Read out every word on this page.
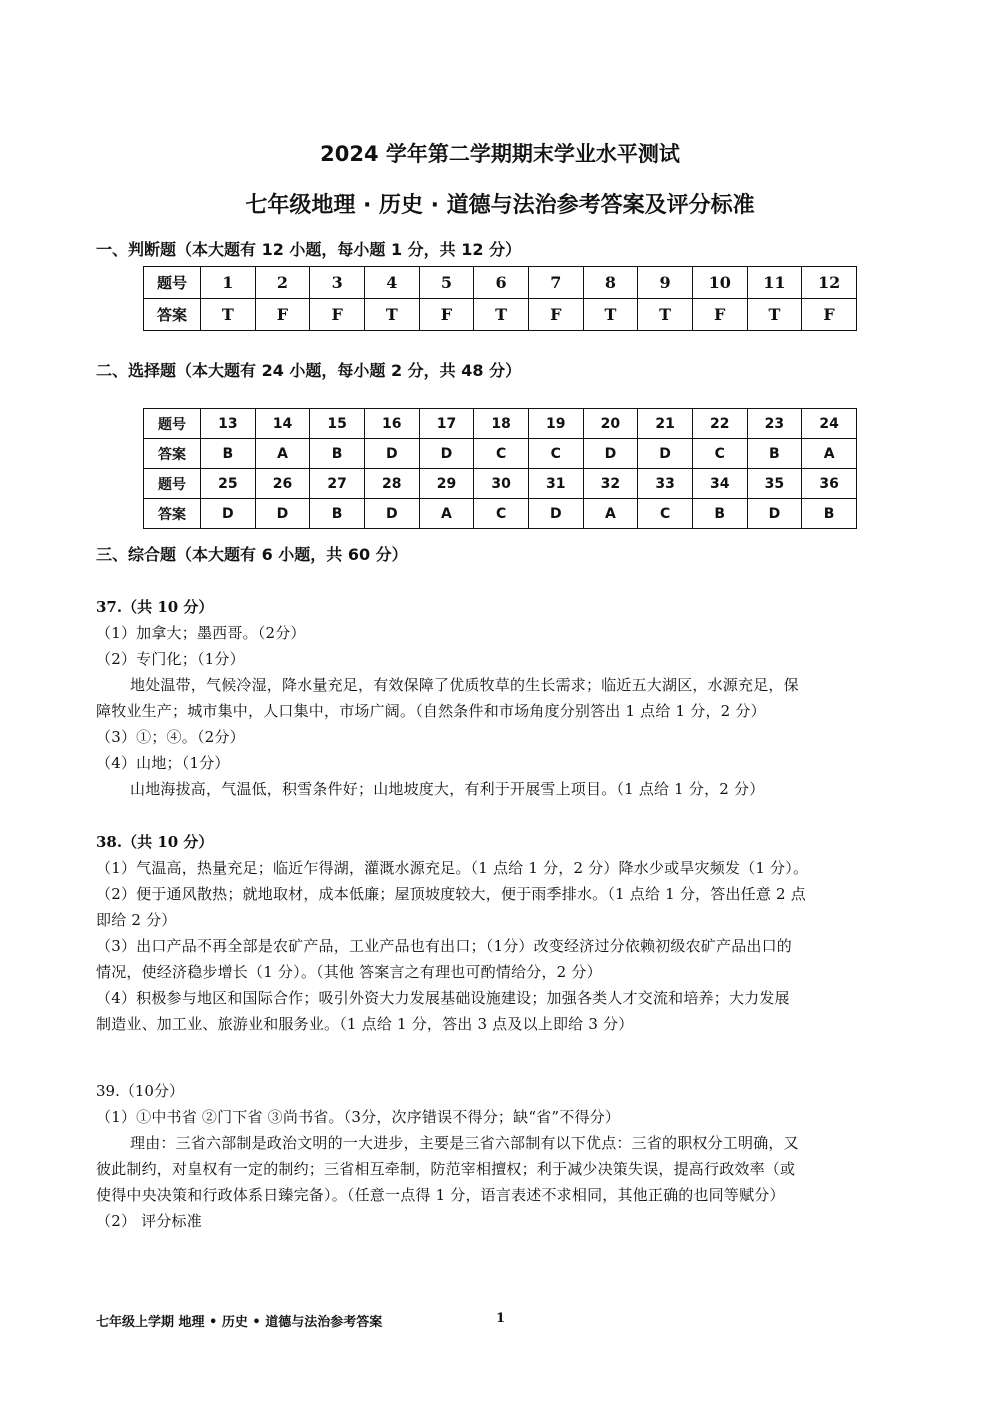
2024 学年第二学期期末学业水平测试
七年级地理 · 历史 · 道德与法治参考答案及评分标准
一、判断题（本大题有 12 小题，每小题 1 分，共 12 分）
题号	1	2	3	4	5	6	7	8	9	10	11	12
答案	T	F	F	T	F	T	F	T	T	F	T	F
二、选择题（本大题有 24 小题，每小题 2 分，共 48 分）
题号	13	14	15	16	17	18	19	20	21	22	23	24
答案	B	A	B	D	D	C	C	D	D	C	B	A
题号	25	26	27	28	29	30	31	32	33	34	35	36
答案	D	D	B	D	A	C	D	A	C	B	D	B
三、综合题（本大题有 6 小题，共 60 分）
37.（共 10 分）
（1）加拿大；墨西哥。（2分）
（2）专门化；（1分）
地处温带，气候冷湿，降水量充足，有效保障了优质牧草的生长需求；临近五大湖区，水源充足，保
障牧业生产；城市集中，人口集中，市场广阔。（自然条件和市场角度分别答出 1 点给 1 分，2 分）
（3）①；④。（2分）
（4）山地；（1分）
山地海拔高，气温低，积雪条件好；山地坡度大，有利于开展雪上项目。（1 点给 1 分，2 分）
38.（共 10 分）
（1）气温高，热量充足；临近乍得湖，灌溉水源充足。（1 点给 1 分，2 分）降水少或旱灾频发（1 分）。
（2）便于通风散热；就地取材，成本低廉；屋顶坡度较大，便于雨季排水。（1 点给 1 分，答出任意 2 点
即给 2 分）
（3）出口产品不再全部是农矿产品，工业产品也有出口；（1分）改变经济过分依赖初级农矿产品出口的
情况，使经济稳步增长（1 分）。（其他 答案言之有理也可酌情给分，2 分）
（4）积极参与地区和国际合作；吸引外资大力发展基础设施建设；加强各类人才交流和培养；大力发展
制造业、加工业、旅游业和服务业。（1 点给 1 分，答出 3 点及以上即给 3 分）
39.（10分）
（1）①中书省 ②门下省 ③尚书省。（3分，次序错误不得分；缺“省”不得分）
理由：三省六部制是政治文明的一大进步，主要是三省六部制有以下优点：三省的职权分工明确，又
彼此制约，对皇权有一定的制约；三省相互牵制，防范宰相擅权；利于减少决策失误，提高行政效率（或
使得中央决策和行政体系日臻完备）。（任意一点得 1 分，语言表述不求相同，其他正确的也同等赋分）
（2） 评分标准
七年级上学期 地理 • 历史 • 道德与法治参考答案	1
